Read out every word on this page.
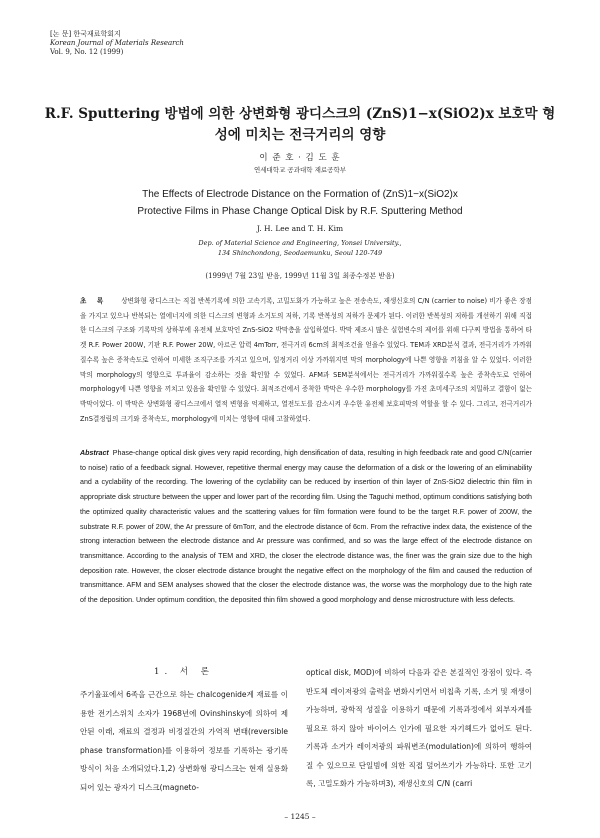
[논 문] 한국재료학회지
Korean Journal of Materials Research
Vol. 9, No. 12 (1999)
R.F. Sputtering 방법에 의한 상변화형 광디스크의 (ZnS)1−x(SiO2)x 보호막 형성에 미치는 전극거리의 영향
이 준 호 · 김 도 훈
연세대학교 공과대학 재료공학부
The Effects of Electrode Distance on the Formation of (ZnS)1−x(SiO2)x
Protective Films in Phase Change Optical Disk by R.F. Sputtering Method
J. H. Lee and T. H. Kim
Dep. of Material Science and Engineering, Yonsei University.,
134 Shinchondong, Seodaemunku, Seoul 120-749
(1999년 7월 23일 받음, 1999년 11월 3일 최종수정본 받음)
초 록 상변화형 광디스크는 직접 반복기록에 의한 고속기록, 고밀도화가 가능하고 높은 전송속도, 재생신호의 C/N (carrier to noise) 비가 좋은 장점을 가지고 있으나 반복되는 열에너지에 의한 디스크의 변형과 소거도의 저하, 기록 반복성의 저하가 문제가 된다. 이러한 반복성의 저하를 개선하기 위해 직접한 디스크의 구조와 기록막의 상하부에 유전체 보호막인 ZnS-SiO2 박막층을 삽입하였다. 박막 제조시 많은 실험변수의 제어를 위해 다구찌 방법을 통하여 타겟 R.F. Power 200W, 기판 R.F. Power 20W, 아르곤 압력 4mTorr, 전극거리 6cm의 최적조건을 얻을수 있었다. TEM과 XRD분석 결과, 전극거리가 가까워질수록 높은 증착속도로 인하여 미세한 조직구조를 가지고 있으며, 일정거리 이상 가까워지면 막의 morphology에 나쁜 영향을 끼침을 알 수 있었다. 이러한 막의 morphology의 영향으로 투과율이 감소하는 것을 확인할 수 있었다. AFM과 SEM분석에서는 전극거리가 가까워질수록 높은 증착속도로 인하여 morphology에 나쁜 영향을 끼치고 있음을 확인할 수 있었다. 최적조건에서 증착한 박막은 우수한 morphology를 가진 초미세구조의 치밀하고 결함이 없는 박막이었다. 이 박막은 상변화형 광디스크에서 열적 변형을 억제하고, 열전도도를 감소시켜 우수한 유전체 보호피막의 역할을 할 수 있다. 그리고, 전극거리가 ZnS결정립의 크기와 증착속도, morphology에 미치는 영향에 대해 고찰하였다.
Abstract Phase-change optical disk gives very rapid recording, high densification of data, resulting in high feedback rate and good C/N(carrier to noise) ratio of a feedback signal. However, repetitive thermal energy may cause the deformation of a disk or the lowering of an eliminability and a cyclability of the recording. The lowering of the cyclability can be reduced by insertion of thin layer of ZnS-SiO2 dielectric thin film in appropriate disk structure between the upper and lower part of the recording film. Using the Taguchi method, optimum conditions satisfying both the optimized quality characteristic values and the scattering values for film formation were found to be the target R.F. power of 200W, the substrate R.F. power of 20W, the Ar pressure of 6mTorr, and the electrode distance of 6cm. From the refractive index data, the existence of the strong interaction between the electrode distance and Ar pressure was confirmed, and so was the large effect of the electrode distance on transmittance. According to the analysis of TEM and XRD, the closer the electrode distance was, the finer was the grain size due to the high deposition rate. However, the closer electrode distance brought the negative effect on the morphology of the film and caused the reduction of transmittance. AFM and SEM analyses showed that the closer the electrode distance was, the worse was the morphology due to the high rate of the deposition. Under optimum condition, the deposited thin film showed a good morphology and dense microstructure with less defects.
1. 서 론
주기율표에서 6족을 근간으로 하는 chalcogenide계 재료를 이용한 전기스위치 소자가 1968년에 Ovinshinsky에 의하여 제안된 이래, 재료의 결정과 비정질간의 가역적 변태(reversible phase transformation)를 이용하여 정보를 기록하는 광기록 방식이 처음 소개되었다.1,2) 상변화형 광디스크는 현재 실용화되어 있는 광자기 디스크(magneto-
optical disk, MOD)에 비하여 다음과 같은 본질적인 장점이 있다. 즉 반도체 레이저광의 출력을 변화시키면서 비칩촉 기록, 소거 및 재생이 가능하며, 광학적 성질을 이용하기 때문에 기록과정에서 외부자계를 필요로 하지 않아 바이어스 인가에 필요한 자기헤드가 없어도 된다. 기록과 소거가 레이저광의 파워변조(modulation)에 의하여 행하여질 수 있으므로 단일빔에 의한 직접 덮어쓰기가 가능하다. 또한 고기록, 고밀도화가 가능하며3), 재생신호의 C/N (carri
– 1245 –
